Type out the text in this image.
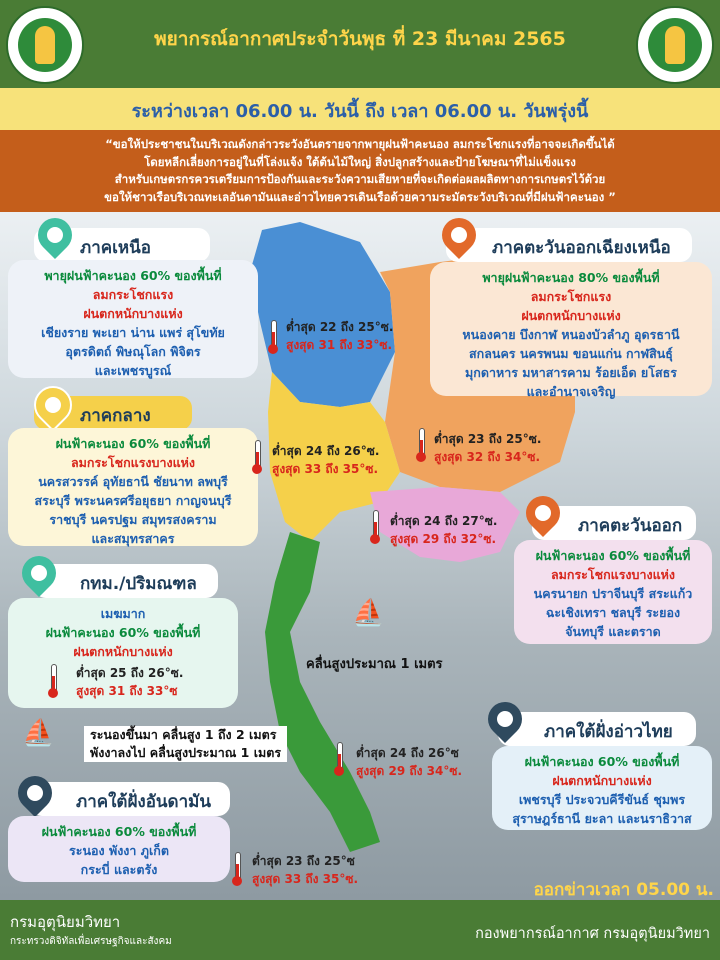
พยากรณ์อากาศประจำวันพุธ ที่ 23 มีนาคม 2565
ระหว่างเวลา 06.00 น. วันนี้ ถึง เวลา 06.00 น. วันพรุ่งนี้
“ขอให้ประชาชนในบริเวณดังกล่าวระวังอันตรายจากพายุฝนฟ้าคะนอง ลมกระโชกแรงที่อาจจะเกิดขึ้นได้
โดยหลีกเลี่ยงการอยู่ในที่โล่งแจ้ง ใต้ต้นไม้ใหญ่ สิ่งปลูกสร้างและป้ายโฆษณาที่ไม่แข็งแรง
สำหรับเกษตรกรควรเตรียมการป้องกันและระวังความเสียหายที่จะเกิดต่อผลผลิตทางการเกษตรไว้ด้วย
ขอให้ชาวเรือบริเวณทะเลอันดามันและอ่าวไทยควรเดินเรือด้วยความระมัดระวังบริเวณที่มีฝนฟ้าคะนอง ”
ภาคเหนือ
พายุฝนฟ้าคะนอง 60% ของพื้นที่
ลมกระโชกแรง
ฝนตกหนักบางแห่ง
เชียงราย พะเยา น่าน แพร่ สุโขทัย
อุตรดิตถ์ พิษณุโลก พิจิตร
และเพชรบูรณ์
ต่ำสุด 22 ถึง 25°ซ.
สูงสุด 31 ถึง 33°ซ.
ภาคตะวันออกเฉียงเหนือ
พายุฝนฟ้าคะนอง 80% ของพื้นที่
ลมกระโชกแรง
ฝนตกหนักบางแห่ง
หนองคาย บึงกาฬ หนองบัวลำภู อุดรธานี
สกลนคร นครพนม ขอนแก่น กาฬสินธุ์
มุกดาหาร มหาสารคาม ร้อยเอ็ด ยโสธร
และอำนาจเจริญ
ต่ำสุด 23 ถึง 25°ซ.
สูงสุด 32 ถึง 34°ซ.
ภาคกลาง
ฝนฟ้าคะนอง 60% ของพื้นที่
ลมกระโชกแรงบางแห่ง
นครสวรรค์ อุทัยธานี ชัยนาท ลพบุรี
สระบุรี พระนครศรีอยุธยา กาญจนบุรี
ราชบุรี นครปฐม สมุทรสงคราม
และสมุทรสาคร
ต่ำสุด 24 ถึง 26°ซ.
สูงสุด 33 ถึง 35°ซ.
ภาคตะวันออก
ฝนฟ้าคะนอง 60% ของพื้นที่
ลมกระโชกแรงบางแห่ง
นครนายก ปราจีนบุรี สระแก้ว
ฉะเชิงเทรา ชลบุรี ระยอง
จันทบุรี และตราด
ต่ำสุด 24 ถึง 27°ซ.
สูงสุด 29 ถึง 32°ซ.
กทม./ปริมณฑล
เมฆมาก
ฝนฟ้าคะนอง 60% ของพื้นที่
ฝนตกหนักบางแห่ง
ต่ำสุด 25 ถึง 26°ซ.
สูงสุด 31 ถึง 33°ซ
⛵
คลื่นสูงประมาณ 1 เมตร
⛵	ระนองขึ้นมา คลื่นสูง 1 ถึง 2 เมตร
พังงาลงไป คลื่นสูงประมาณ 1 เมตร
ภาคใต้ฝั่งอ่าวไทย
ฝนฟ้าคะนอง 60% ของพื้นที่
ฝนตกหนักบางแห่ง
เพชรบุรี ประจวบคีรีขันธ์ ชุมพร
สุราษฎร์ธานี ยะลา และนราธิวาส
ต่ำสุด 24 ถึง 26°ซ
สูงสุด 29 ถึง 34°ซ.
ภาคใต้ฝั่งอันดามัน
ฝนฟ้าคะนอง 60% ของพื้นที่
ระนอง พังงา ภูเก็ต
กระบี่ และตรัง
ต่ำสุด 23 ถึง 25°ซ
สูงสุด 33 ถึง 35°ซ.
ออกข่าวเวลา 05.00 น.
กรมอุตุนิยมวิทยา
กระทรวงดิจิทัลเพื่อเศรษฐกิจและสังคม	กองพยากรณ์อากาศ กรมอุตุนิยมวิทยา
